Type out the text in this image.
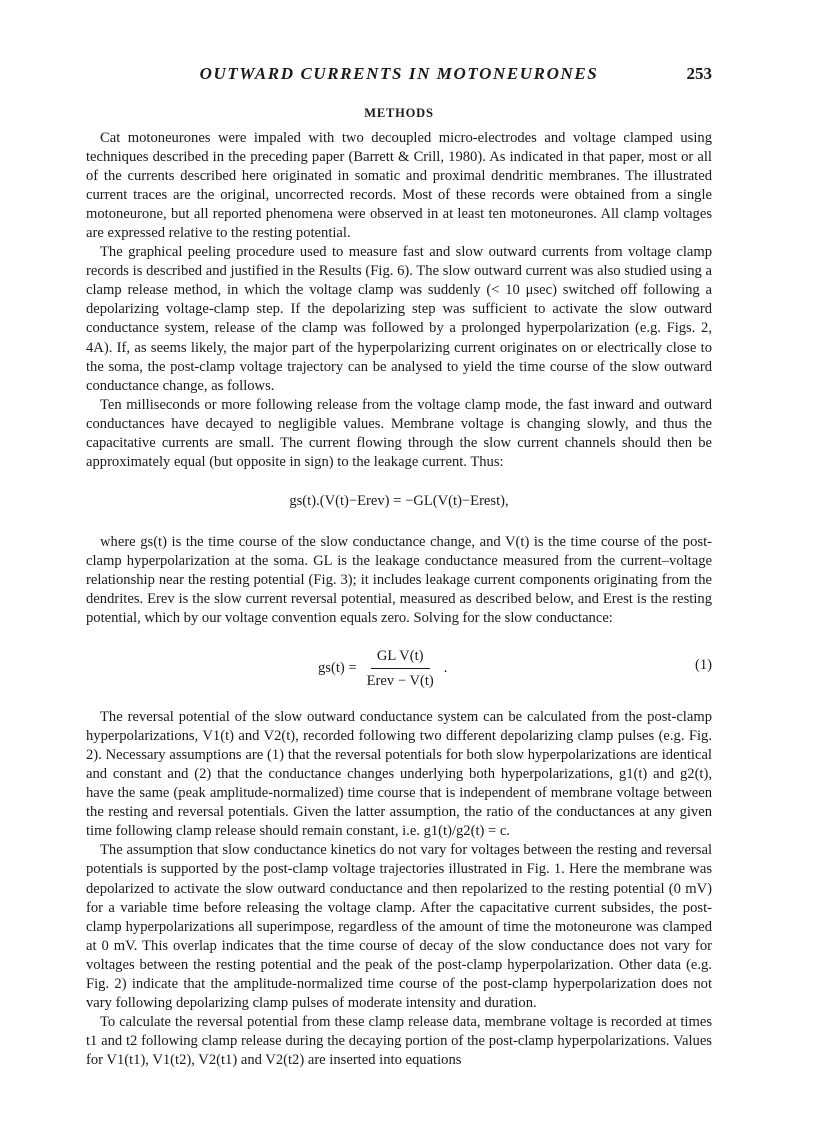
OUTWARD CURRENTS IN MOTONEURONES	253
METHODS

Cat motoneurones were impaled with two decoupled micro-electrodes and voltage clamped using techniques described in the preceding paper (Barrett & Crill, 1980). As indicated in that paper, most or all of the currents described here originated in somatic and proximal dendritic membranes. The illustrated current traces are the original, uncorrected records. Most of these records were obtained from a single motoneurone, but all reported phenomena were observed in at least ten motoneurones. All clamp voltages are expressed relative to the resting potential.

The graphical peeling procedure used to measure fast and slow outward currents from voltage clamp records is described and justified in the Results (Fig. 6). The slow outward current was also studied using a clamp release method, in which the voltage clamp was suddenly (< 10 μsec) switched off following a depolarizing voltage-clamp step. If the depolarizing step was sufficient to activate the slow outward conductance system, release of the clamp was followed by a prolonged hyperpolarization (e.g. Figs. 2, 4A). If, as seems likely, the major part of the hyperpolarizing current originates on or electrically close to the soma, the post-clamp voltage trajectory can be analysed to yield the time course of the slow outward conductance change, as follows.

Ten milliseconds or more following release from the voltage clamp mode, the fast inward and outward conductances have decayed to negligible values. Membrane voltage is changing slowly, and thus the capacitative currents are small. The current flowing through the slow current channels should then be approximately equal (but opposite in sign) to the leakage current. Thus:

gs(t).(V(t)−Erev) = −GL(V(t)−Erest),

where gs(t) is the time course of the slow conductance change, and V(t) is the time course of the post-clamp hyperpolarization at the soma. GL is the leakage conductance measured from the current–voltage relationship near the resting potential (Fig. 3); it includes leakage current components originating from the dendrites. Erev is the slow current reversal potential, measured as described below, and Erest is the resting potential, which by our voltage convention equals zero. Solving for the slow conductance:

$gs(t) = \frac{\text{GL V(t)}}{\text{Erev − V(t)}}$ .	(1)

The reversal potential of the slow outward conductance system can be calculated from the post-clamp hyperpolarizations, V1(t) and V2(t), recorded following two different depolarizing clamp pulses (e.g. Fig. 2). Necessary assumptions are (1) that the reversal potentials for both slow hyperpolarizations are identical and constant and (2) that the conductance changes underlying both hyperpolarizations, g1(t) and g2(t), have the same (peak amplitude-normalized) time course that is independent of membrane voltage between the resting and reversal potentials. Given the latter assumption, the ratio of the conductances at any given time following clamp release should remain constant, i.e. g1(t)/g2(t) = c.

The assumption that slow conductance kinetics do not vary for voltages between the resting and reversal potentials is supported by the post-clamp voltage trajectories illustrated in Fig. 1. Here the membrane was depolarized to activate the slow outward conductance and then repolarized to the resting potential (0 mV) for a variable time before releasing the voltage clamp. After the capacitative current subsides, the post-clamp hyperpolarizations all superimpose, regardless of the amount of time the motoneurone was clamped at 0 mV. This overlap indicates that the time course of decay of the slow conductance does not vary for voltages between the resting potential and the peak of the post-clamp hyperpolarization. Other data (e.g. Fig. 2) indicate that the amplitude-normalized time course of the post-clamp hyperpolarization does not vary following depolarizing clamp pulses of moderate intensity and duration.

To calculate the reversal potential from these clamp release data, membrane voltage is recorded at times t1 and t2 following clamp release during the decaying portion of the post-clamp hyperpolarizations. Values for V1(t1), V1(t2), V2(t1) and V2(t2) are inserted into equations
